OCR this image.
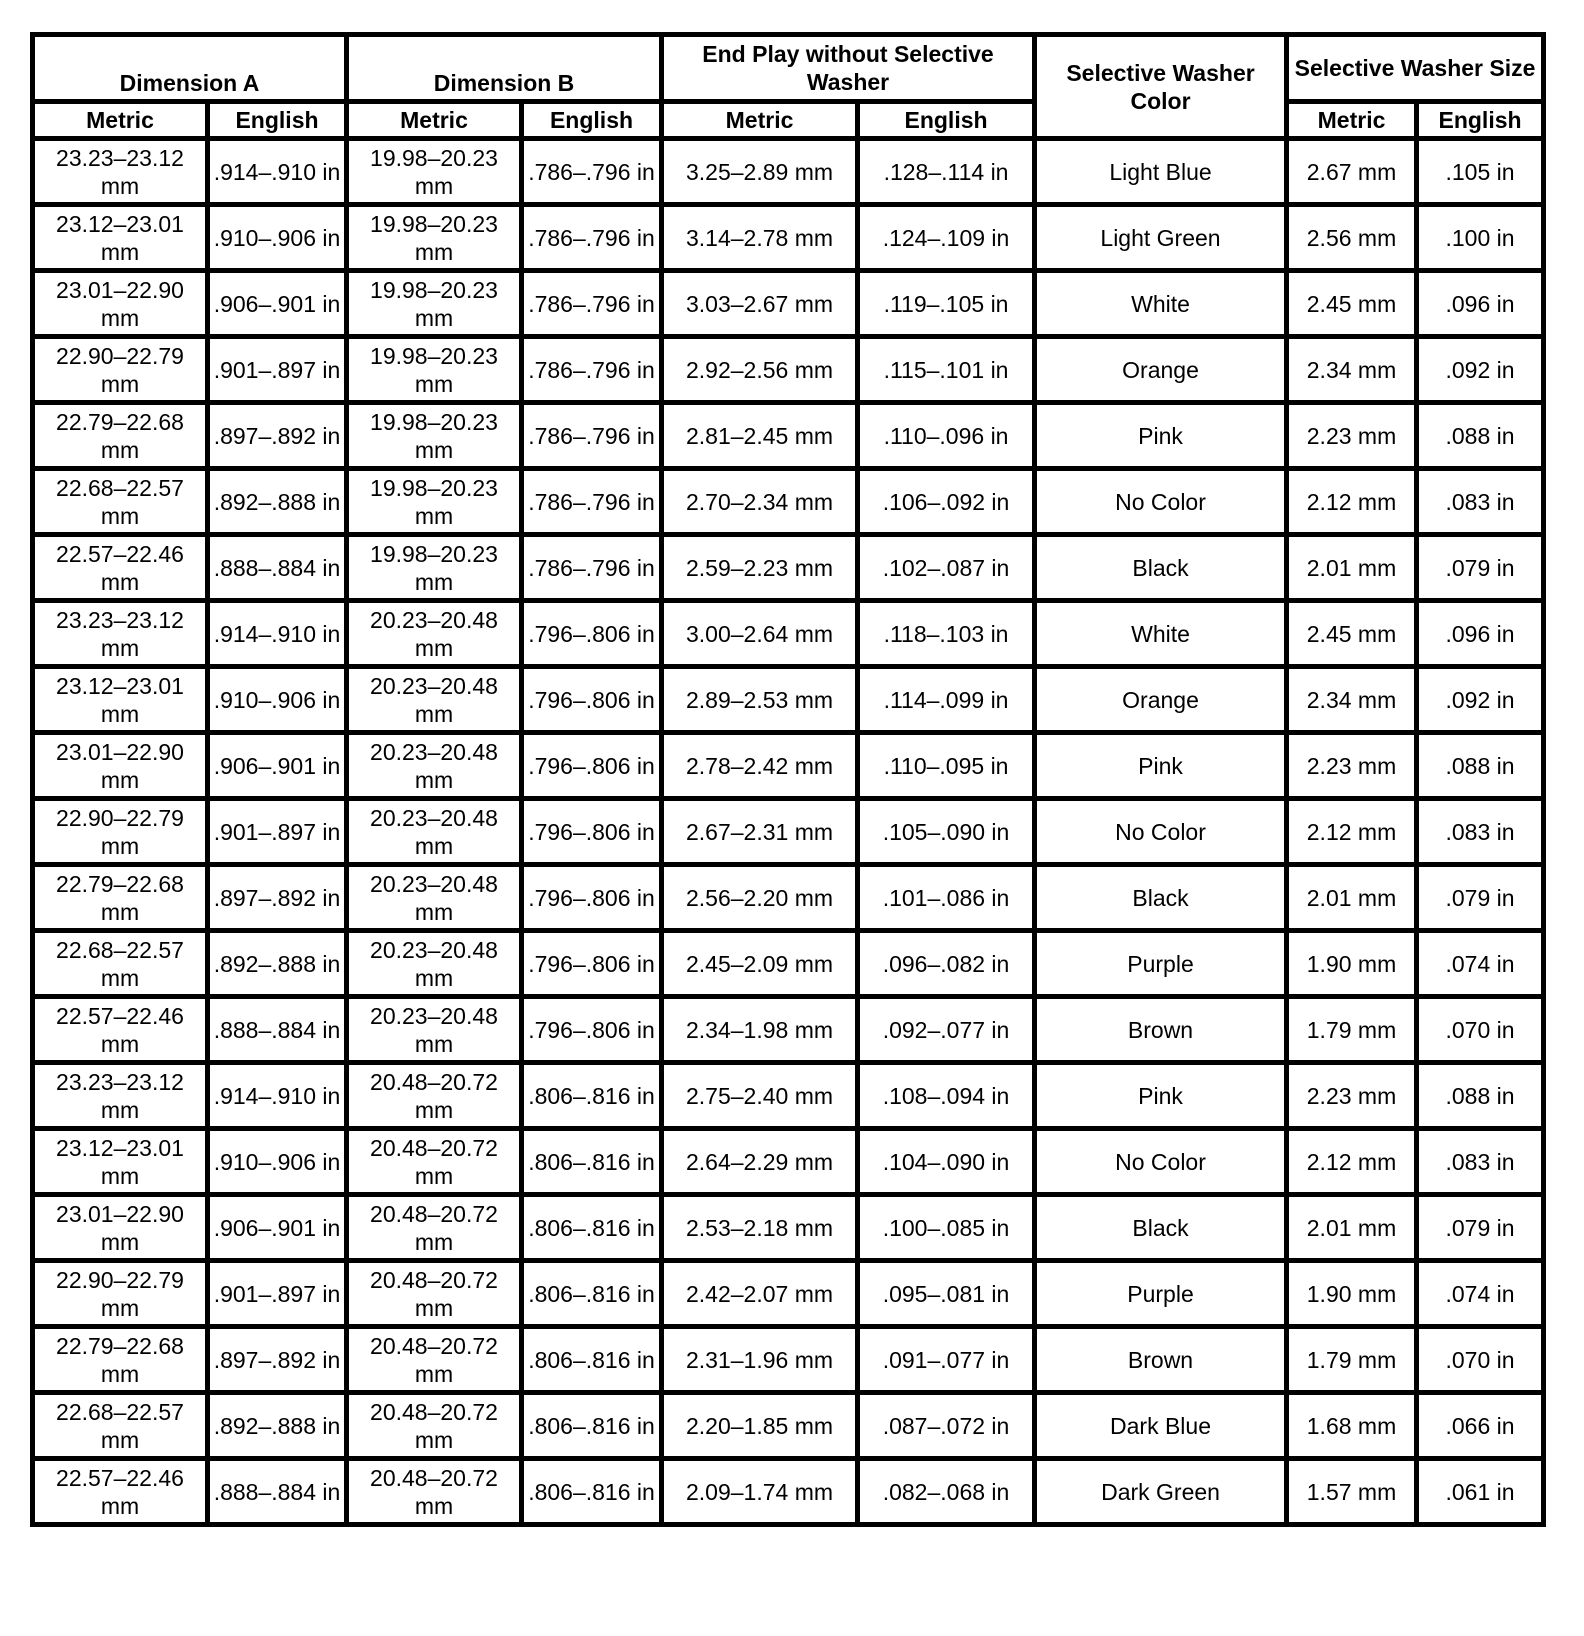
Dimension A		Dimension B		End Play without Selective Washer		Selective Washer Color	Selective Washer Size	
Metric	English	Metric	English	Metric	English		Metric	English
23.23–23.12 mm	.914–.910 in	19.98–20.23 mm	.786–.796 in	3.25–2.89 mm	.128–.114 in	Light Blue	2.67 mm	.105 in
23.12–23.01 mm	.910–.906 in	19.98–20.23 mm	.786–.796 in	3.14–2.78 mm	.124–.109 in	Light Green	2.56 mm	.100 in
23.01–22.90 mm	.906–.901 in	19.98–20.23 mm	.786–.796 in	3.03–2.67 mm	.119–.105 in	White	2.45 mm	.096 in
22.90–22.79 mm	.901–.897 in	19.98–20.23 mm	.786–.796 in	2.92–2.56 mm	.115–.101 in	Orange	2.34 mm	.092 in
22.79–22.68 mm	.897–.892 in	19.98–20.23 mm	.786–.796 in	2.81–2.45 mm	.110–.096 in	Pink	2.23 mm	.088 in
22.68–22.57 mm	.892–.888 in	19.98–20.23 mm	.786–.796 in	2.70–2.34 mm	.106–.092 in	No Color	2.12 mm	.083 in
22.57–22.46 mm	.888–.884 in	19.98–20.23 mm	.786–.796 in	2.59–2.23 mm	.102–.087 in	Black	2.01 mm	.079 in
23.23–23.12 mm	.914–.910 in	20.23–20.48 mm	.796–.806 in	3.00–2.64 mm	.118–.103 in	White	2.45 mm	.096 in
23.12–23.01 mm	.910–.906 in	20.23–20.48 mm	.796–.806 in	2.89–2.53 mm	.114–.099 in	Orange	2.34 mm	.092 in
23.01–22.90 mm	.906–.901 in	20.23–20.48 mm	.796–.806 in	2.78–2.42 mm	.110–.095 in	Pink	2.23 mm	.088 in
22.90–22.79 mm	.901–.897 in	20.23–20.48 mm	.796–.806 in	2.67–2.31 mm	.105–.090 in	No Color	2.12 mm	.083 in
22.79–22.68 mm	.897–.892 in	20.23–20.48 mm	.796–.806 in	2.56–2.20 mm	.101–.086 in	Black	2.01 mm	.079 in
22.68–22.57 mm	.892–.888 in	20.23–20.48 mm	.796–.806 in	2.45–2.09 mm	.096–.082 in	Purple	1.90 mm	.074 in
22.57–22.46 mm	.888–.884 in	20.23–20.48 mm	.796–.806 in	2.34–1.98 mm	.092–.077 in	Brown	1.79 mm	.070 in
23.23–23.12 mm	.914–.910 in	20.48–20.72 mm	.806–.816 in	2.75–2.40 mm	.108–.094 in	Pink	2.23 mm	.088 in
23.12–23.01 mm	.910–.906 in	20.48–20.72 mm	.806–.816 in	2.64–2.29 mm	.104–.090 in	No Color	2.12 mm	.083 in
23.01–22.90 mm	.906–.901 in	20.48–20.72 mm	.806–.816 in	2.53–2.18 mm	.100–.085 in	Black	2.01 mm	.079 in
22.90–22.79 mm	.901–.897 in	20.48–20.72 mm	.806–.816 in	2.42–2.07 mm	.095–.081 in	Purple	1.90 mm	.074 in
22.79–22.68 mm	.897–.892 in	20.48–20.72 mm	.806–.816 in	2.31–1.96 mm	.091–.077 in	Brown	1.79 mm	.070 in
22.68–22.57 mm	.892–.888 in	20.48–20.72 mm	.806–.816 in	2.20–1.85 mm	.087–.072 in	Dark Blue	1.68 mm	.066 in
22.57–22.46 mm	.888–.884 in	20.48–20.72 mm	.806–.816 in	2.09–1.74 mm	.082–.068 in	Dark Green	1.57 mm	.061 in
